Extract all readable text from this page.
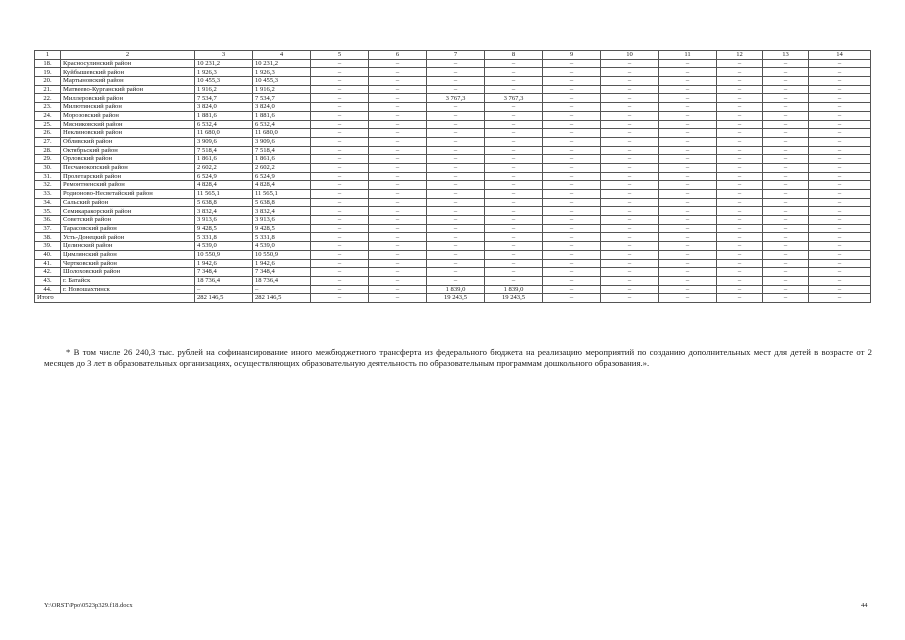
1	2	3	4	5	6	7	8	9	10	11	12	13	14
18.	Красносулинский район	10 231,2	10 231,2	–	–	–	–	–	–	–	–	–	–
19.	Куйбышевский район	1 926,3	1 926,3	–	–	–	–	–	–	–	–	–	–
20.	Мартыновский район	10 455,3	10 455,3	–	–	–	–	–	–	–	–	–	–
21.	Матвеево-Курганский район	1 916,2	1 916,2	–	–	–	–	–	–	–	–	–	–
22.	Миллеровский район	7 534,7	7 534,7	–	–	3 767,3	3 767,3	–	–	–	–	–	–
23.	Милютинский район	3 824,0	3 824,0	–	–	–	–	–	–	–	–	–	–
24.	Морозовский район	1 881,6	1 881,6	–	–	–	–	–	–	–	–	–	–
25.	Мясниковский район	6 532,4	6 532,4	–	–	–	–	–	–	–	–	–	–
26.	Неклиновский район	11 680,0	11 680,0	–	–	–	–	–	–	–	–	–	–
27.	Обливский район	3 909,6	3 909,6	–	–	–	–	–	–	–	–	–	–
28.	Октябрьский район	7 518,4	7 518,4	–	–	–	–	–	–	–	–	–	–
29.	Орловский район	1 861,6	1 861,6	–	–	–	–	–	–	–	–	–	–
30.	Песчанокопский район	2 602,2	2 602,2	–	–	–	–	–	–	–	–	–	–
31.	Пролетарский район	6 524,9	6 524,9	–	–	–	–	–	–	–	–	–	–
32.	Ремонтненский район	4 828,4	4 828,4	–	–	–	–	–	–	–	–	–	–
33.	Родионово-Несветайский район	11 565,1	11 565,1	–	–	–	–	–	–	–	–	–	–
34.	Сальский район	5 638,8	5 638,8	–	–	–	–	–	–	–	–	–	–
35.	Семикаракорский район	3 832,4	3 832,4	–	–	–	–	–	–	–	–	–	–
36.	Советский район	3 913,6	3 913,6	–	–	–	–	–	–	–	–	–	–
37.	Тарасовский район	9 428,5	9 428,5	–	–	–	–	–	–	–	–	–	–
38.	Усть-Донецкий район	5 331,8	5 331,8	–	–	–	–	–	–	–	–	–	–
39.	Целинский район	4 539,0	4 539,0	–	–	–	–	–	–	–	–	–	–
40.	Цимлянский район	10 550,9	10 550,9	–	–	–	–	–	–	–	–	–	–
41.	Чертковский район	1 942,6	1 942,6	–	–	–	–	–	–	–	–	–	–
42.	Шолоховский район	7 348,4	7 348,4	–	–	–	–	–	–	–	–	–	–
43.	г. Батайск	18 736,4	18 736,4	–	–	–	–	–	–	–	–	–	–
44.	г. Новошахтинск	–	–	–	–	1 839,0	1 839,0	–	–	–	–	–	–
Итого		282 146,5	282 146,5	–	–	19 243,5	19 243,5	–	–	–	–	–	–
* В том числе 26 240,3 тыс. рублей на софинансирование иного межбюджетного трансферта из федерального бюджета на реализацию мероприятий по созданию дополнительных мест для детей в возрасте от 2 месяцев до 3 лет в образовательных организациях, осуществляющих образовательную деятельность по образовательным программам дошкольного образования.».
Y:\ORST\Ppo\0523p329.f18.docx	44
